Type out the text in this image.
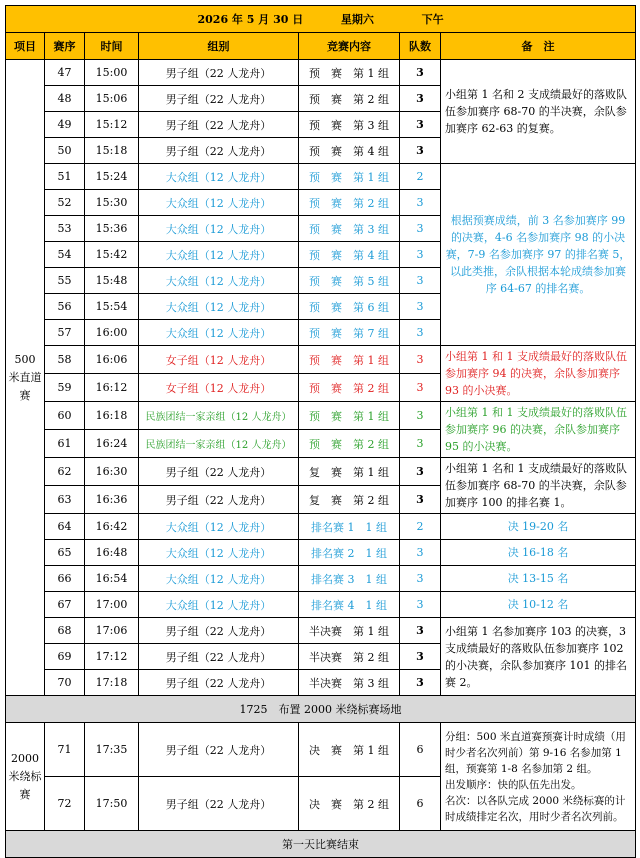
2026 年 5 月 30 日 星期六 下午						
项目	赛序	时间	组别	竞赛内容	队数	备　注
500 米直道赛	47	15:00	男子组（22 人龙舟）	预　赛　第 1 组	3	小组第 1 名和 2 支成绩最好的落败队伍参加赛序 68-70 的半决赛，余队参加赛序 62-63 的复赛。
	48	15:06	男子组（22 人龙舟）	预　赛　第 2 组	3	
	49	15:12	男子组（22 人龙舟）	预　赛　第 3 组	3	
	50	15:18	男子组（22 人龙舟）	预　赛　第 4 组	3	
	51	15:24	大众组（12 人龙舟）	预　赛　第 1 组	2	根据预赛成绩，前 3 名参加赛序 99 的决赛，4-6 名参加赛序 98 的小决赛，7-9 名参加赛序 97 的排名赛 5，以此类推，余队根据本轮成绩参加赛序 64-67 的排名赛。
	52	15:30	大众组（12 人龙舟）	预　赛　第 2 组	3	
	53	15:36	大众组（12 人龙舟）	预　赛　第 3 组	3	
	54	15:42	大众组（12 人龙舟）	预　赛　第 4 组	3	
	55	15:48	大众组（12 人龙舟）	预　赛　第 5 组	3	
	56	15:54	大众组（12 人龙舟）	预　赛　第 6 组	3	
	57	16:00	大众组（12 人龙舟）	预　赛　第 7 组	3	
	58	16:06	女子组（12 人龙舟）	预　赛　第 1 组	3	小组第 1 和 1 支成绩最好的落败队伍参加赛序 94 的决赛，余队参加赛序 93 的小决赛。
	59	16:12	女子组（12 人龙舟）	预　赛　第 2 组	3	
	60	16:18	民族团结一家亲组（12 人龙舟）	预　赛　第 1 组	3	小组第 1 和 1 支成绩最好的落败队伍参加赛序 96 的决赛，余队参加赛序 95 的小决赛。
	61	16:24	民族团结一家亲组（12 人龙舟）	预　赛　第 2 组	3	
	62	16:30	男子组（22 人龙舟）	复　赛　第 1 组	3	小组第 1 名和 1 支成绩最好的落败队伍参加赛序 68-70 的半决赛，余队参加赛序 100 的排名赛 1。
	63	16:36	男子组（22 人龙舟）	复　赛　第 2 组	3	
	64	16:42	大众组（12 人龙舟）	排名赛 1　1 组	2	决 19-20 名
	65	16:48	大众组（12 人龙舟）	排名赛 2　1 组	3	决 16-18 名
	66	16:54	大众组（12 人龙舟）	排名赛 3　1 组	3	决 13-15 名
	67	17:00	大众组（12 人龙舟）	排名赛 4　1 组	3	决 10-12 名
	68	17:06	男子组（22 人龙舟）	半决赛　第 1 组	3	小组第 1 名参加赛序 103 的决赛，3 支成绩最好的落败队伍参加赛序 102 的小决赛，余队参加赛序 101 的排名赛 2。
	69	17:12	男子组（22 人龙舟）	半决赛　第 2 组	3	
	70	17:18	男子组（22 人龙舟）	半决赛　第 3 组	3	
1725　布置 2000 米绕标赛场地						
2000 米绕标赛	71	17:35	男子组（22 人龙舟）	决　赛　第 1 组	6	分组：500 米直道赛预赛计时成绩（用时少者名次列前）第 9-16 名参加第 1 组，预赛第 1-8 名参加第 2 组。
出发顺序：快的队伍先出发。
名次：以各队完成 2000 米绕标赛的计时成绩排定名次，用时少者名次列前。
	72	17:50	男子组（22 人龙舟）	决　赛　第 2 组	6	
第一天比赛结束						
